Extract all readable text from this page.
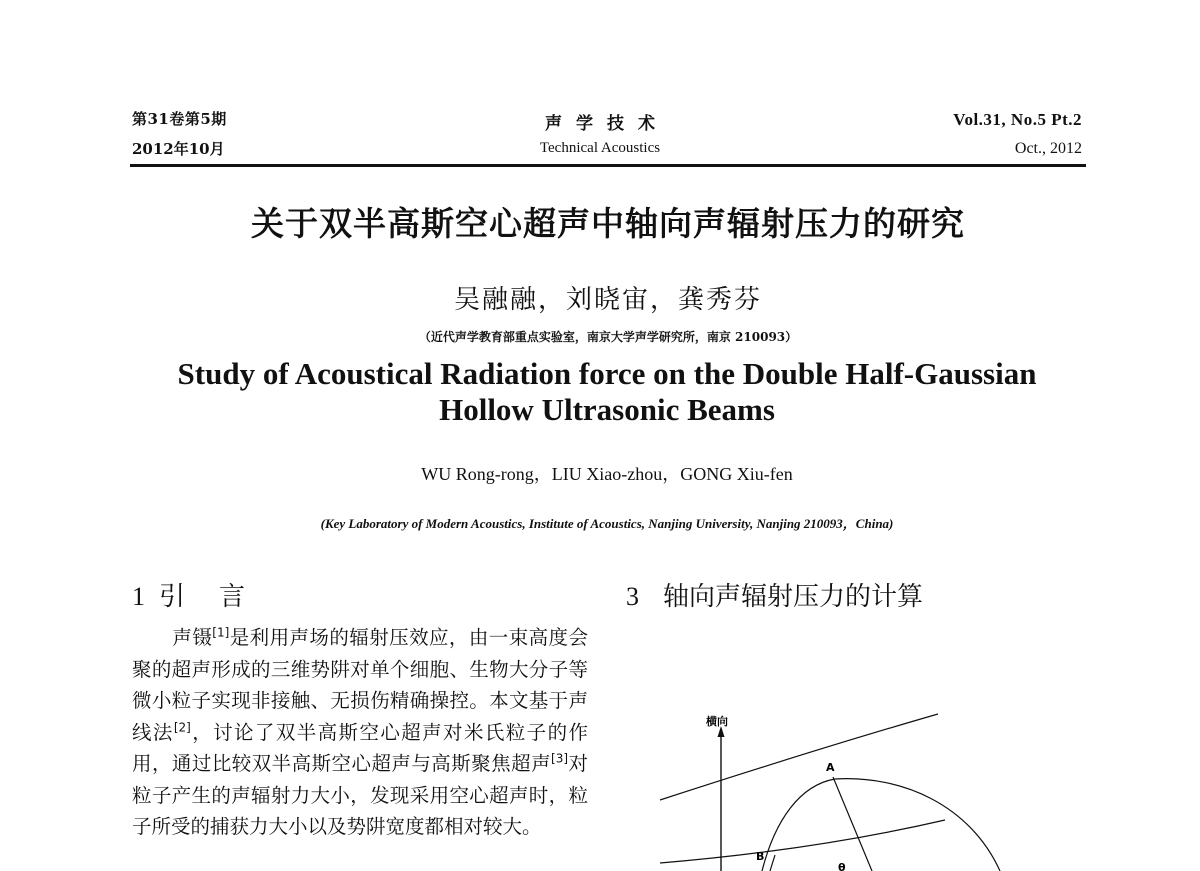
第31卷第5期
2012年10月
声学技术
Technical Acoustics
Vol.31, No.5 Pt.2
Oct., 2012
关于双半高斯空心超声中轴向声辐射压力的研究
吴融融，刘晓宙，龚秀芬
（近代声学教育部重点实验室，南京大学声学研究所，南京 210093）
Study of Acoustical Radiation force on the Double Half-Gaussian
Hollow Ultrasonic Beams
WU Rong-rong，LIU Xiao-zhou，GONG Xiu-fen
(Key Laboratory of Modern Acoustics, Institute of Acoustics, Nanjing University, Nanjing 210093，China)
1 引言
声镊[1]是利用声场的辐射压效应，由一束高度会聚的超声形成的三维势阱对单个细胞、生物大分子等微小粒子实现非接触、无损伤精确操控。本文基于声线法[2]，讨论了双半高斯空心超声对米氏粒子的作用，通过比较双半高斯空心超声与高斯聚焦超声[3]对粒子产生的声辐射力大小，发现采用空心超声时，粒子所受的捕获力大小以及势阱宽度都相对较大。
3 轴向声辐射压力的计算
横向
A
B
θ
